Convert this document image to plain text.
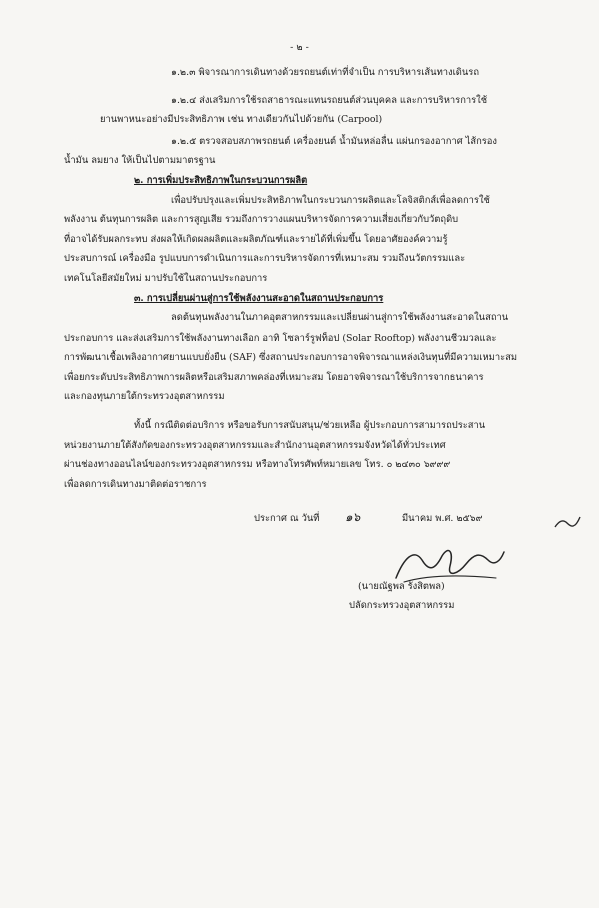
- ๒ -
๑.๒.๓ พิจารณาการเดินทางด้วยรถยนต์เท่าที่จำเป็น การบริหารเส้นทางเดินรถ
๑.๒.๔ ส่งเสริมการใช้รถสาธารณะแทนรถยนต์ส่วนบุคคล และการบริหารการใช้
ยานพาหนะอย่างมีประสิทธิภาพ เช่น ทางเดียวกันไปด้วยกัน (Carpool)
๑.๒.๕ ตรวจสอบสภาพรถยนต์ เครื่องยนต์ น้ำมันหล่อลื่น แผ่นกรองอากาศ ไส้กรอง
น้ำมัน ลมยาง ให้เป็นไปตามมาตรฐาน
๒. การเพิ่มประสิทธิภาพในกระบวนการผลิต
เพื่อปรับปรุงและเพิ่มประสิทธิภาพในกระบวนการผลิตและโลจิสติกส์เพื่อลดการใช้
พลังงาน ต้นทุนการผลิต และการสูญเสีย รวมถึงการวางแผนบริหารจัดการความเสี่ยงเกี่ยวกับวัตถุดิบ
ที่อาจได้รับผลกระทบ ส่งผลให้เกิดผลผลิตและผลิตภัณฑ์และรายได้ที่เพิ่มขึ้น โดยอาศัยองค์ความรู้
ประสบการณ์ เครื่องมือ รูปแบบการดำเนินการและการบริหารจัดการที่เหมาะสม รวมถึงนวัตกรรมและ
เทคโนโลยีสมัยใหม่ มาปรับใช้ในสถานประกอบการ
๓. การเปลี่ยนผ่านสู่การใช้พลังงานสะอาดในสถานประกอบการ
ลดต้นทุนพลังงานในภาคอุตสาหกรรมและเปลี่ยนผ่านสู่การใช้พลังงานสะอาดในสถาน
ประกอบการ และส่งเสริมการใช้พลังงานทางเลือก อาทิ โซลาร์รูฟท็อป (Solar Rooftop) พลังงานชีวมวลและ
การพัฒนาเชื้อเพลิงอากาศยานแบบยั่งยืน (SAF) ซึ่งสถานประกอบการอาจพิจารณาแหล่งเงินทุนที่มีความเหมาะสม
เพื่อยกระดับประสิทธิภาพการผลิตหรือเสริมสภาพคล่องที่เหมาะสม โดยอาจพิจารณาใช้บริการจากธนาคาร
และกองทุนภายใต้กระทรวงอุตสาหกรรม
ทั้งนี้ กรณีติดต่อบริการ หรือขอรับการสนับสนุน/ช่วยเหลือ ผู้ประกอบการสามารถประสาน
หน่วยงานภายใต้สังกัดของกระทรวงอุตสาหกรรมและสำนักงานอุตสาหกรรมจังหวัดได้ทั่วประเทศ
ผ่านช่องทางออนไลน์ของกระทรวงอุตสาหกรรม หรือทางโทรศัพท์หมายเลข โทร. ๐ ๒๔๓๐ ๖๙๙๙
เพื่อลดการเดินทางมาติดต่อราชการ
ประกาศ ณ วันที่ ๑๖	มีนาคม พ.ศ. ๒๕๖๙
(นายณัฐพล รังสิตพล)
ปลัดกระทรวงอุตสาหกรรม
